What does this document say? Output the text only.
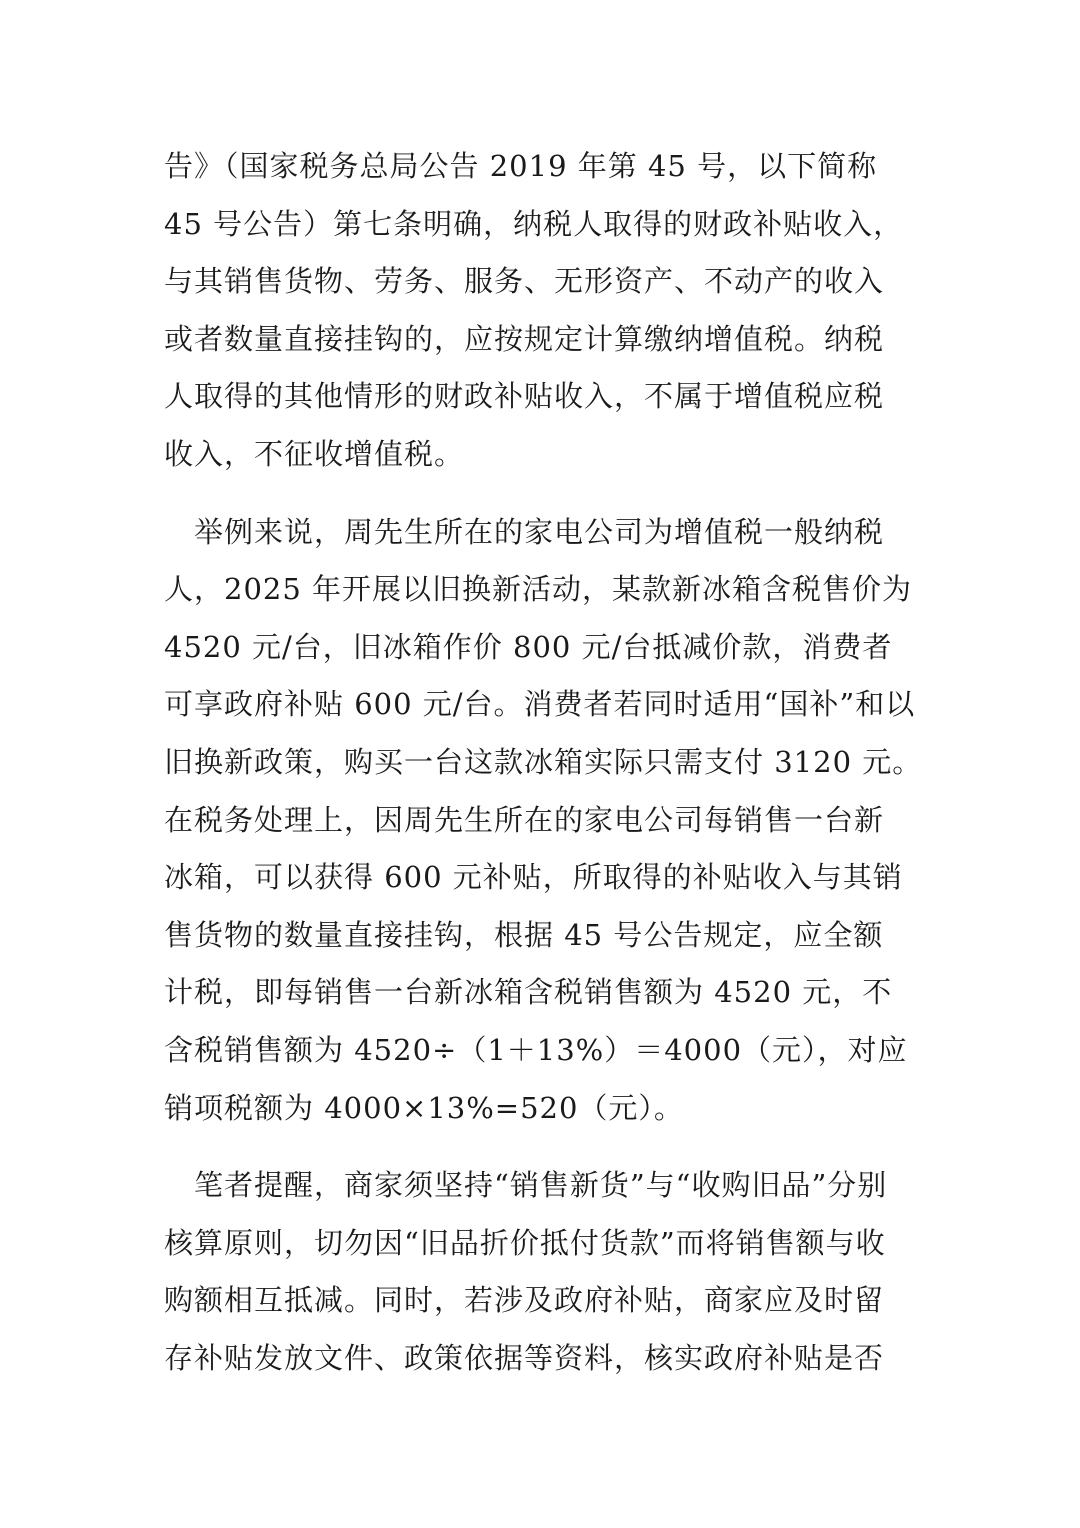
告》（国家税务总局公告 2019 年第 45 号，以下简称
45 号公告）第七条明确，纳税人取得的财政补贴收入，
与其销售货物、劳务、服务、无形资产、不动产的收入
或者数量直接挂钩的，应按规定计算缴纳增值税。纳税
人取得的其他情形的财政补贴收入，不属于增值税应税
收入，不征收增值税。
　举例来说，周先生所在的家电公司为增值税一般纳税
人，2025 年开展以旧换新活动，某款新冰箱含税售价为
4520 元/台，旧冰箱作价 800 元/台抵减价款，消费者
可享政府补贴 600 元/台。消费者若同时适用“国补”和以
旧换新政策，购买一台这款冰箱实际只需支付 3120 元。
在税务处理上，因周先生所在的家电公司每销售一台新
冰箱，可以获得 600 元补贴，所取得的补贴收入与其销
售货物的数量直接挂钩，根据 45 号公告规定，应全额
计税，即每销售一台新冰箱含税销售额为 4520 元，不
含税销售额为 4520÷（1＋13%）＝4000（元），对应
销项税额为 4000×13%=520（元）。
　笔者提醒，商家须坚持“销售新货”与“收购旧品”分别
核算原则，切勿因“旧品折价抵付货款”而将销售额与收
购额相互抵减。同时，若涉及政府补贴，商家应及时留
存补贴发放文件、政策依据等资料，核实政府补贴是否
